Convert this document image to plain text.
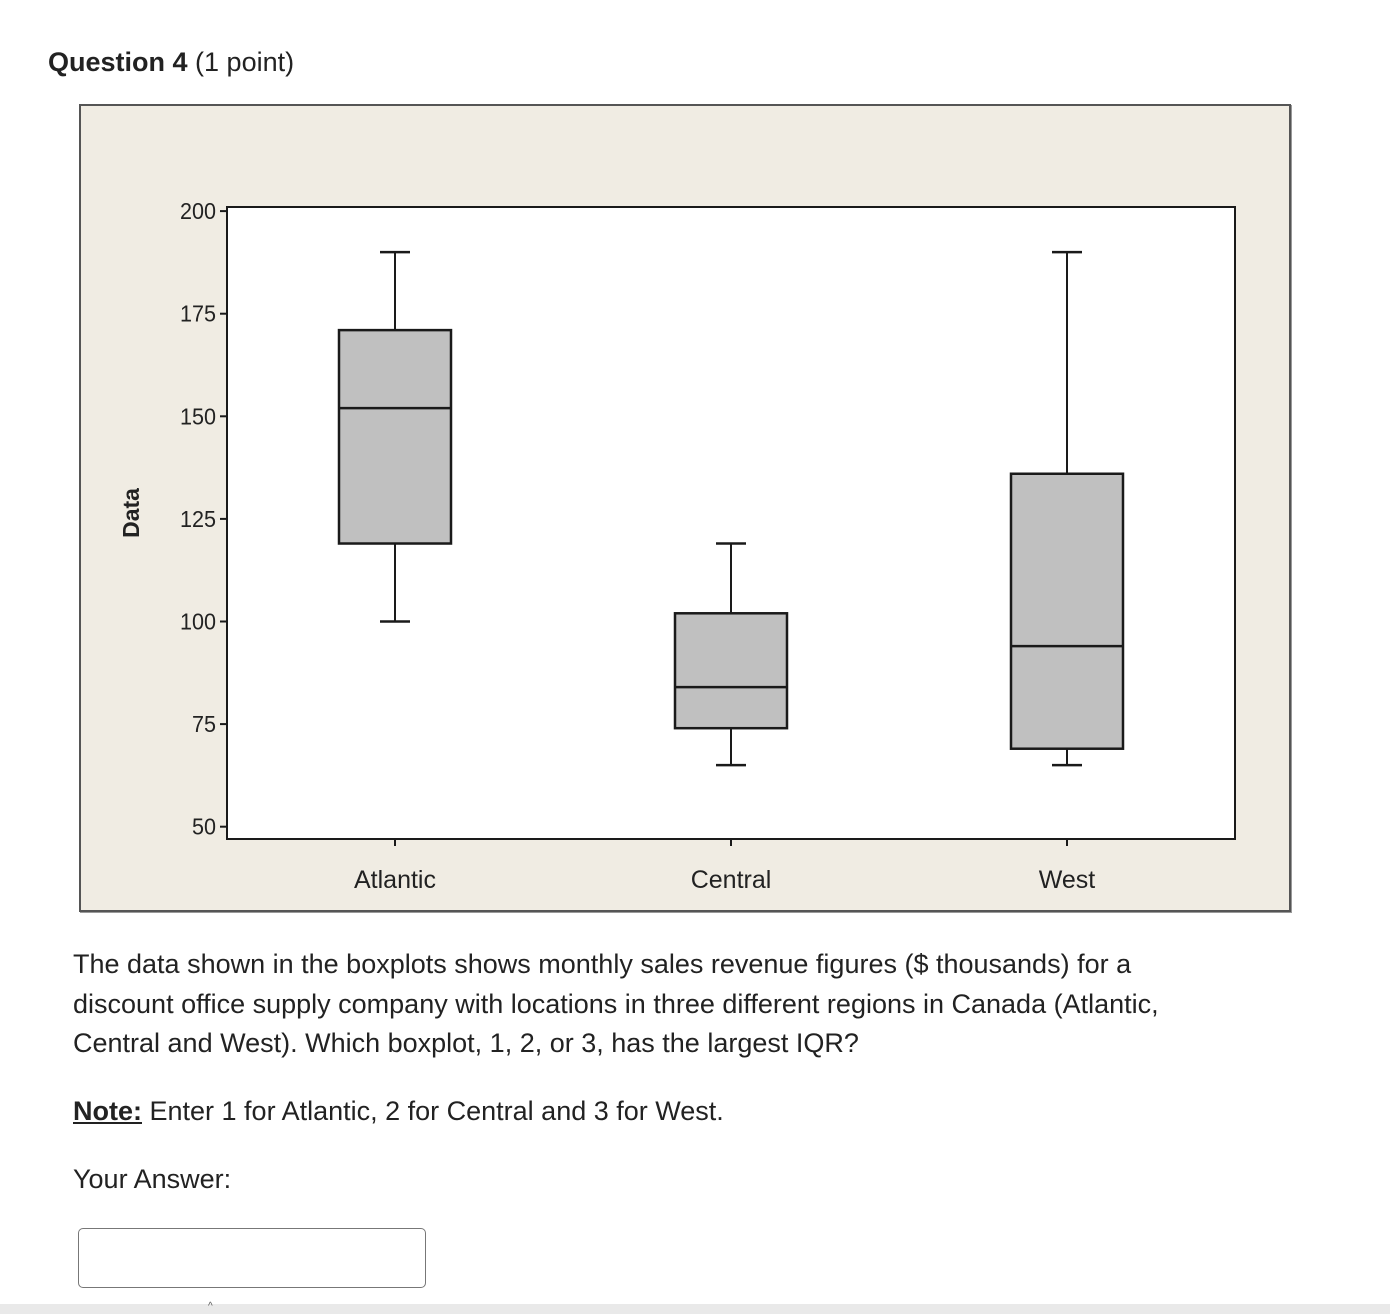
Question 4 (1 point)
50
75
100
125
150
175
200
Data
Atlantic	Central	West

The data shown in the boxplots shows monthly sales revenue figures ($ thousands) for a discount office supply company with locations in three different regions in Canada (Atlantic, Central and West). Which boxplot, 1, 2, or 3, has the largest IQR?

Note: Enter 1 for Atlantic, 2 for Central and 3 for West.

Your Answer:

^
